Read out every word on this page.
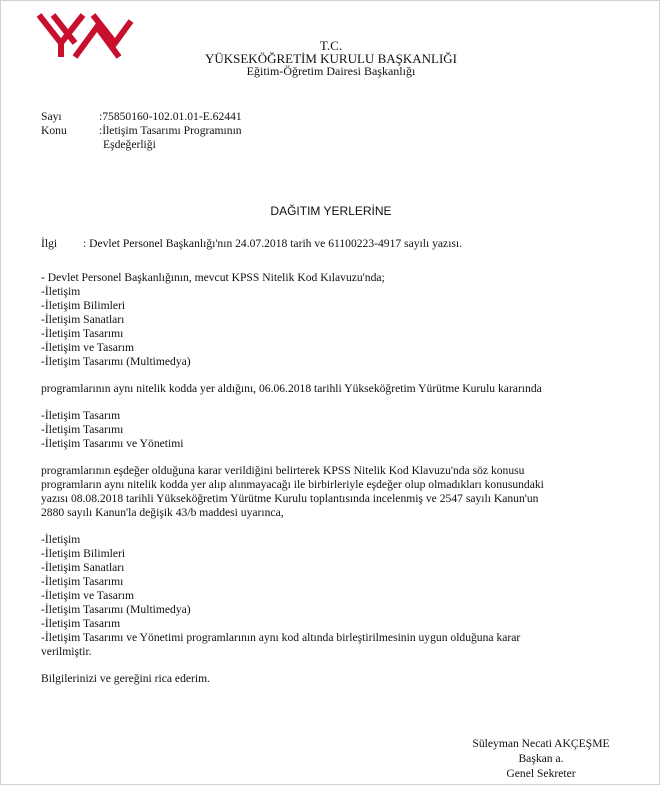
T.C.
YÜKSEKÖĞRETİM KURULU BAŞKANLIĞI
Eğitim-Öğretim Dairesi Başkanlığı
Sayı	:75850160-102.01.01-E.62441
Konu	:İletişim Tasarımı Programının
Eşdeğerliği
DAĞITIM YERLERİNE
İlgi : Devlet Personel Başkanlığı'nın 24.07.2018 tarih ve 61100223-4917 sayılı yazısı.

- Devlet Personel Başkanlığının, mevcut KPSS Nitelik Kod Kılavuzu'nda;

-İletişim

-İletişim Bilimleri

-İletişim Sanatları

-İletişim Tasarımı

-İletişim ve Tasarım

-İletişim Tasarımı (Multimedya)

programlarının aynı nitelik kodda yer aldığını, 06.06.2018 tarihli Yükseköğretim Yürütme Kurulu kararında

-İletişim Tasarım

-İletişim Tasarımı

-İletişim Tasarımı ve Yönetimi

programlarının eşdeğer olduğuna karar verildiğini belirterek KPSS Nitelik Kod Klavuzu'nda söz konusu

programların aynı nitelik kodda yer alıp alınmayacağı ile birbirleriyle eşdeğer olup olmadıkları konusundaki

yazısı 08.08.2018 tarihli Yükseköğretim Yürütme Kurulu toplantısında incelenmiş ve 2547 sayılı Kanun'un

2880 sayılı Kanun'la değişik 43/b maddesi uyarınca,

-İletişim

-İletişim Bilimleri

-İletişim Sanatları

-İletişim Tasarımı

-İletişim ve Tasarım

-İletişim Tasarımı (Multimedya)

-İletişim Tasarım

-İletişim Tasarımı ve Yönetimi programlarının aynı kod altında birleştirilmesinin uygun olduğuna karar

verilmiştir.

Bilgilerinizi ve gereğini rica ederim.

Süleyman Necati AKÇEŞME
Başkan a.
Genel Sekreter
